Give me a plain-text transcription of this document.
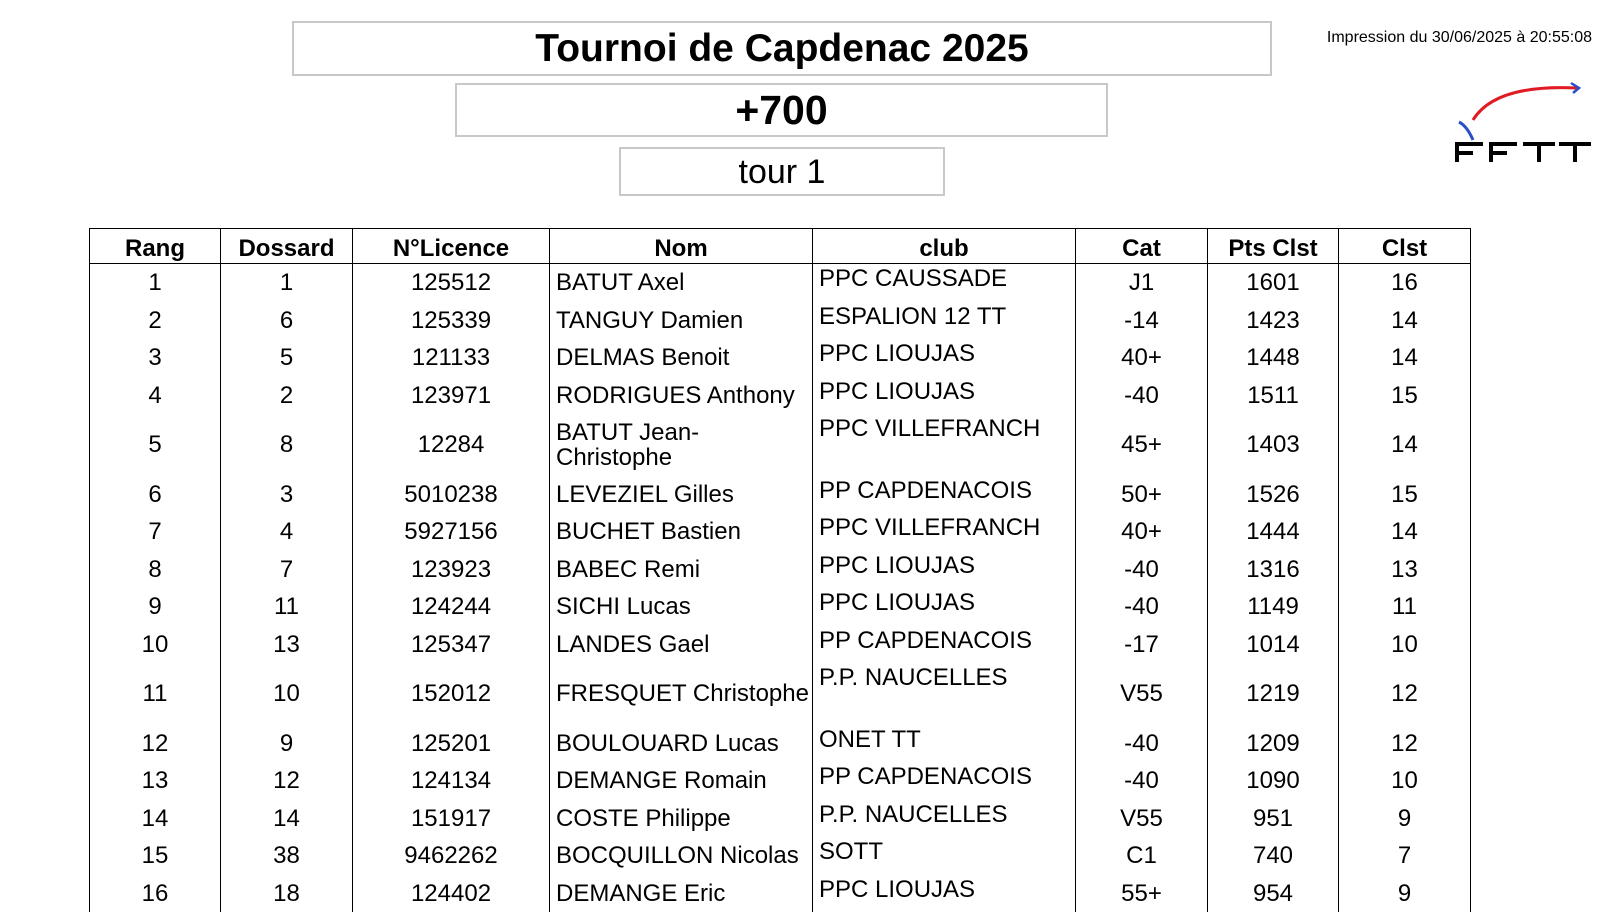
Tournoi de Capdenac 2025
+700
tour 1
Impression du 30/06/2025 à 20:55:08
Rang	Dossard	N°Licence	Nom	club	Cat	Pts Clst	Clst
1	1	125512	BATUT Axel	PPC CAUSSADE	J1	1601	16
2	6	125339	TANGUY Damien	ESPALION 12 TT	-14	1423	14
3	5	121133	DELMAS Benoit	PPC LIOUJAS	40+	1448	14
4	2	123971	RODRIGUES Anthony	PPC LIOUJAS	-40	1511	15
5	8	12284	BATUT Jean-Christophe	PPC VILLEFRANCH	45+	1403	14
6	3	5010238	LEVEZIEL Gilles	PP CAPDENACOIS	50+	1526	15
7	4	5927156	BUCHET Bastien	PPC VILLEFRANCH	40+	1444	14
8	7	123923	BABEC Remi	PPC LIOUJAS	-40	1316	13
9	11	124244	SICHI Lucas	PPC LIOUJAS	-40	1149	11
10	13	125347	LANDES Gael	PP CAPDENACOIS	-17	1014	10
11	10	152012	FRESQUET Christophe	P.P. NAUCELLES	V55	1219	12
12	9	125201	BOULOUARD Lucas	ONET TT	-40	1209	12
13	12	124134	DEMANGE Romain	PP CAPDENACOIS	-40	1090	10
14	14	151917	COSTE Philippe	P.P. NAUCELLES	V55	951	9
15	38	9462262	BOCQUILLON Nicolas	SOTT	C1	740	7
16	18	124402	DEMANGE Eric	PPC LIOUJAS	55+	954	9
